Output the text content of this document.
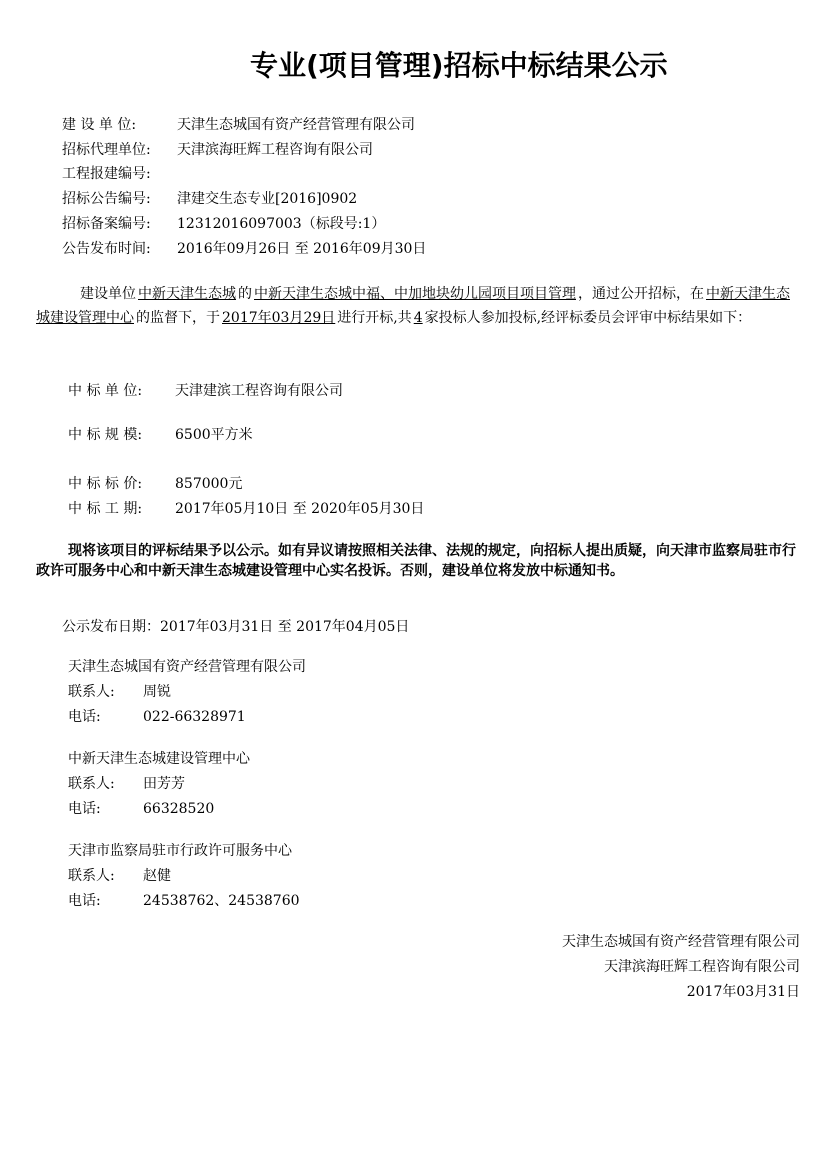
专业(项目管理)招标中标结果公示
建 设 单 位:	天津生态城国有资产经营管理有限公司
招标代理单位: 天津滨海旺辉工程咨询有限公司
工程报建编号:
招标公告编号: 津建交生态专业[2016]0902
招标备案编号: 12312016097003（标段号:1）
公告发布时间: 2016年09月26日 至 2016年09月30日
建设单位 中新天津生态城 的 中新天津生态城中福、中加地块幼儿园项目项目管理 ，通过公开招标，在 中新天津生态城建设管理中心 的监督下，于 2017年03月29日 进行开标,共 4 家投标人参加投标,经评标委员会评审中标结果如下：
中 标 单 位: 天津建滨工程咨询有限公司
中 标 规 模: 6500平方米
中 标 标 价: 857000元
中 标 工 期: 2017年05月10日 至 2020年05月30日
现将该项目的评标结果予以公示。如有异议请按照相关法律、法规的规定，向招标人提出质疑，向天津市监察局驻市行政许可服务中心和中新天津生态城建设管理中心实名投诉。否则，建设单位将发放中标通知书。
公示发布日期：2017年03月31日 至 2017年04月05日
天津生态城国有资产经营管理有限公司
联系人: 周锐
电话:	022-66328971
中新天津生态城建设管理中心
联系人: 田芳芳
电话:	66328520
天津市监察局驻市行政许可服务中心
联系人: 赵健
电话:	24538762、24538760
天津生态城国有资产经营管理有限公司
天津滨海旺辉工程咨询有限公司
2017年03月31日
